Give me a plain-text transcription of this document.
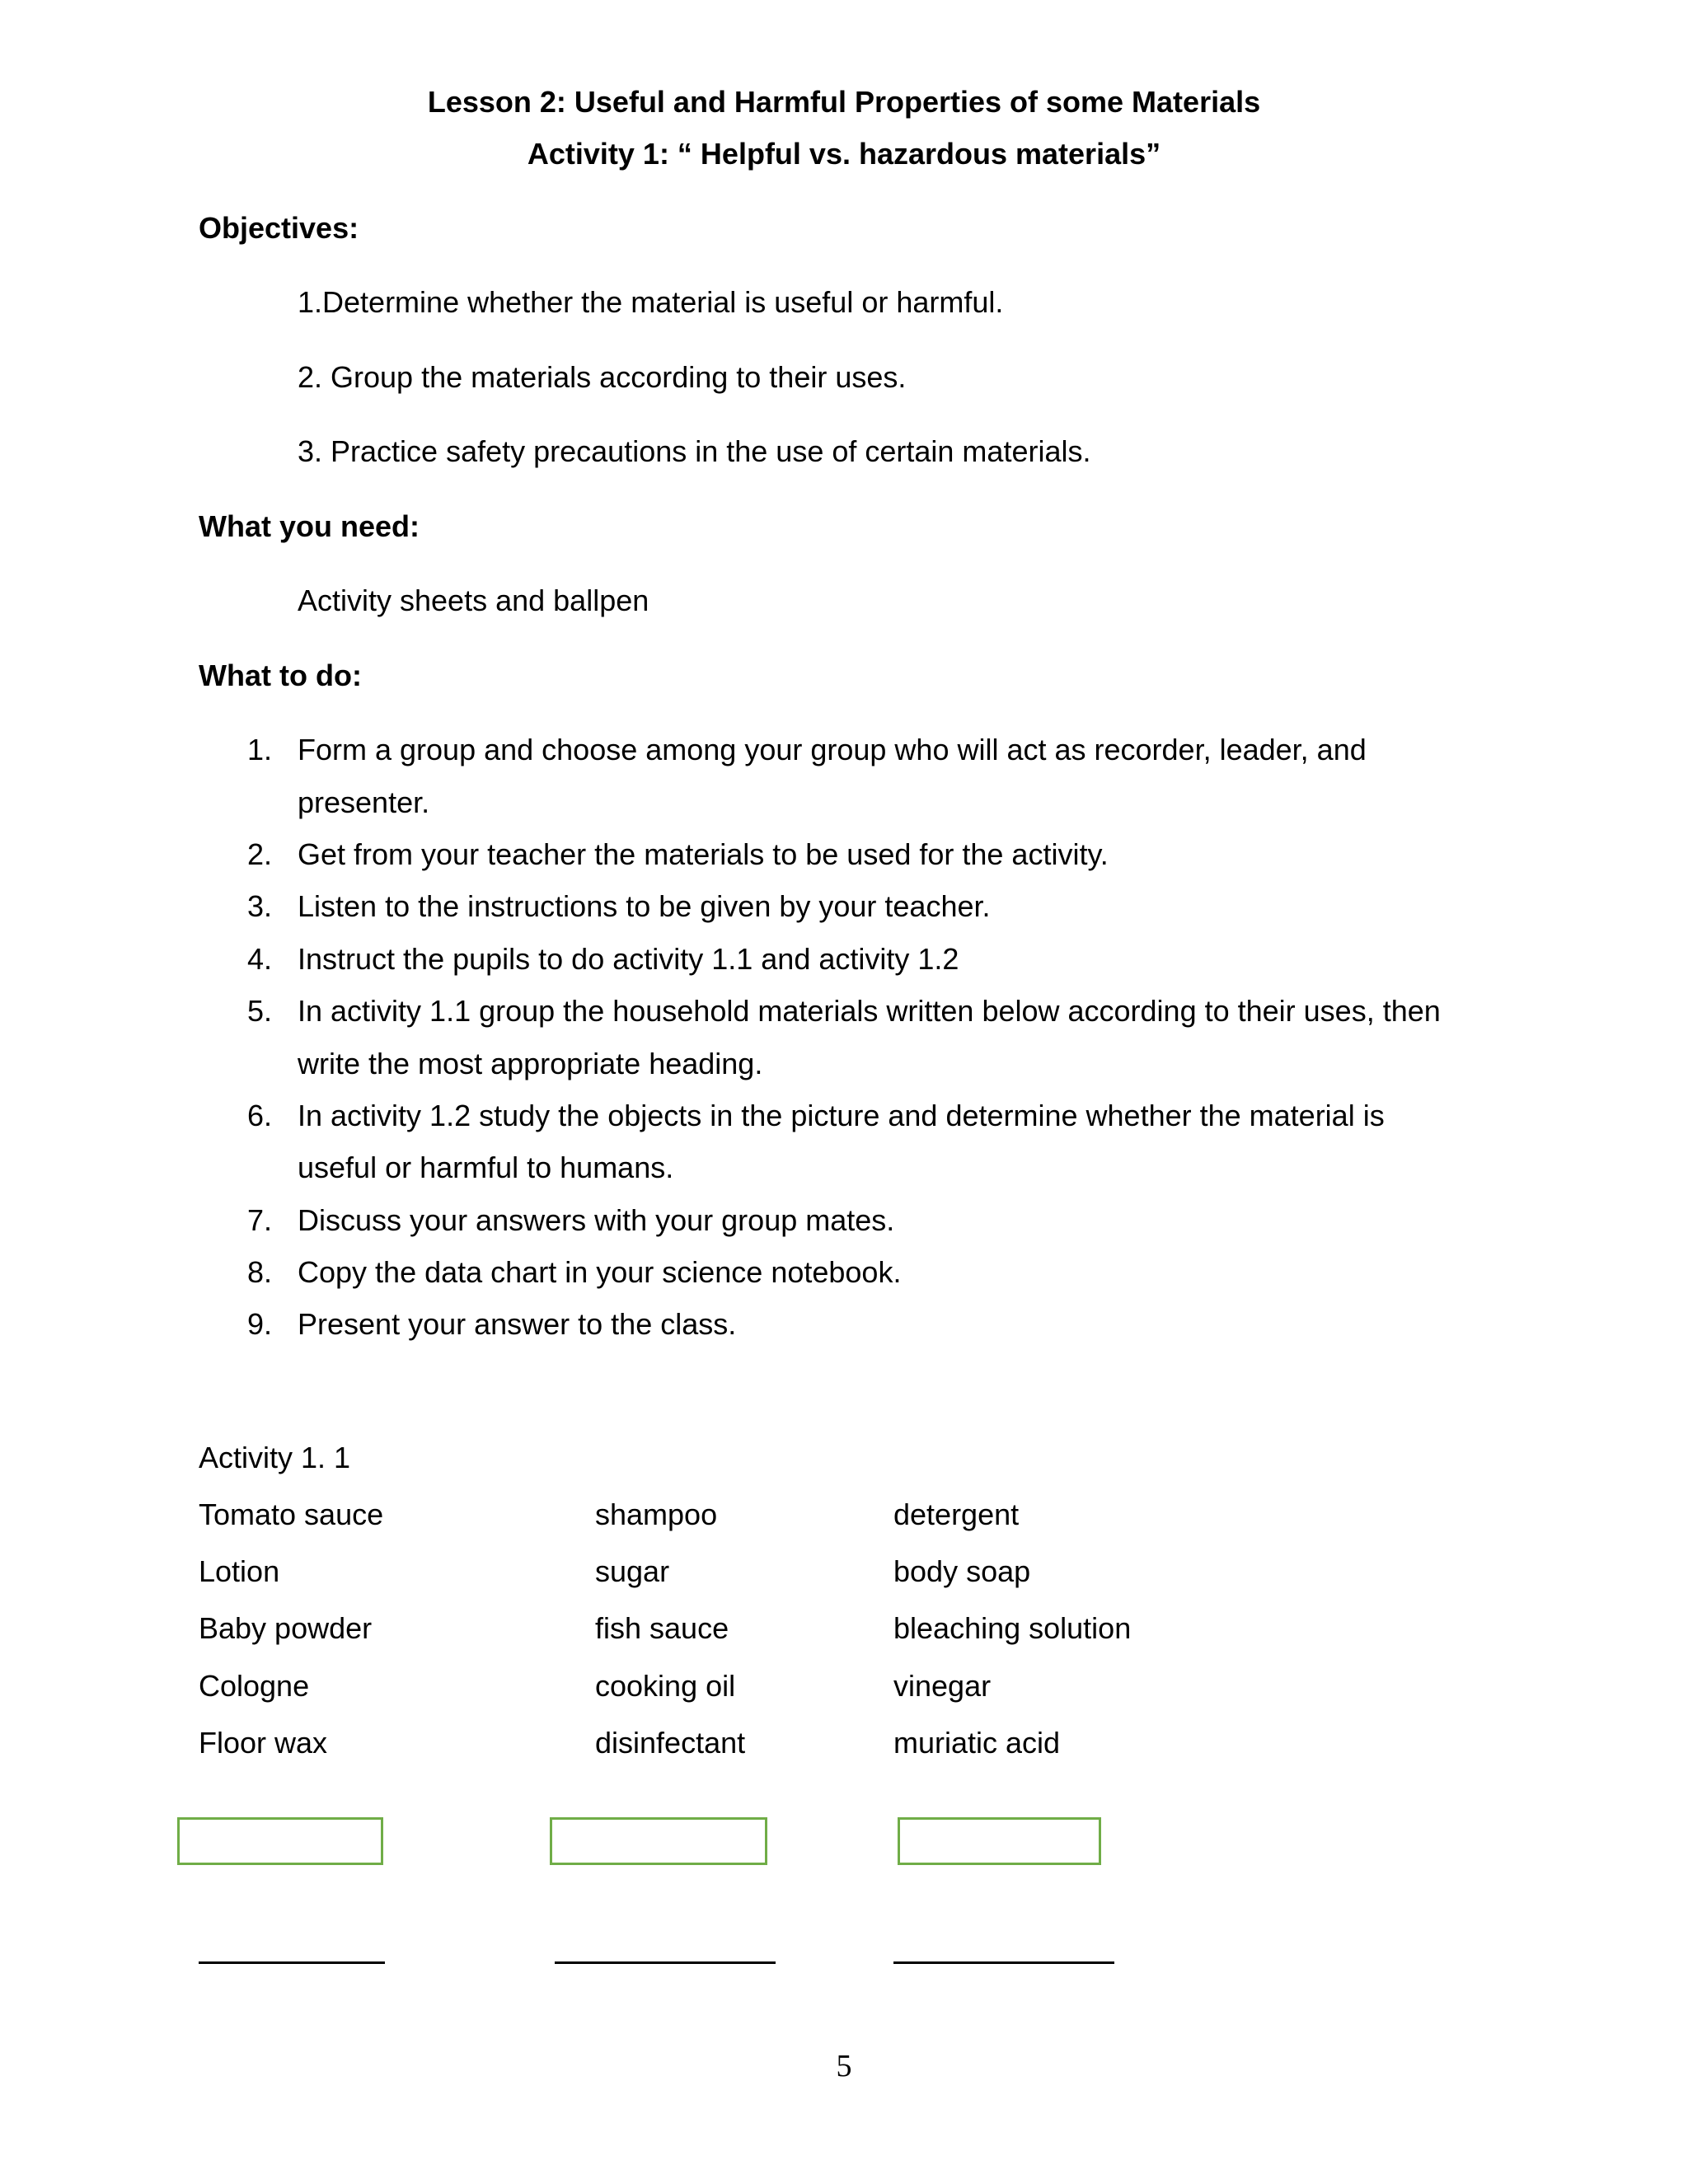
Lesson 2: Useful and Harmful Properties of some Materials
Activity 1: “ Helpful vs. hazardous materials”
Objectives:
1.Determine whether the material is useful or harmful.
2. Group the materials according to their uses.
3. Practice safety precautions in the use of certain materials.
What you need:
Activity sheets and ballpen
What to do:
1. Form a group and choose among your group who will act as recorder, leader, and
presenter.
2. Get from your teacher the materials to be used for the activity.
3. Listen to the instructions to be given by your teacher.
4. Instruct the pupils to do activity 1.1 and activity 1.2
5. In activity 1.1 group the household materials written below according to their uses, then
write the most appropriate heading.
6. In activity 1.2 study the objects in the picture and determine whether the material is
useful or harmful to humans.
7. Discuss your answers with your group mates.
8. Copy the data chart in your science notebook.
9. Present your answer to the class.
Activity 1. 1
Tomato sauce
Lotion
Baby powder
Cologne
Floor wax
shampoo
sugar
fish sauce
cooking oil
disinfectant
detergent
body soap
bleaching solution
vinegar
muriatic acid
5
